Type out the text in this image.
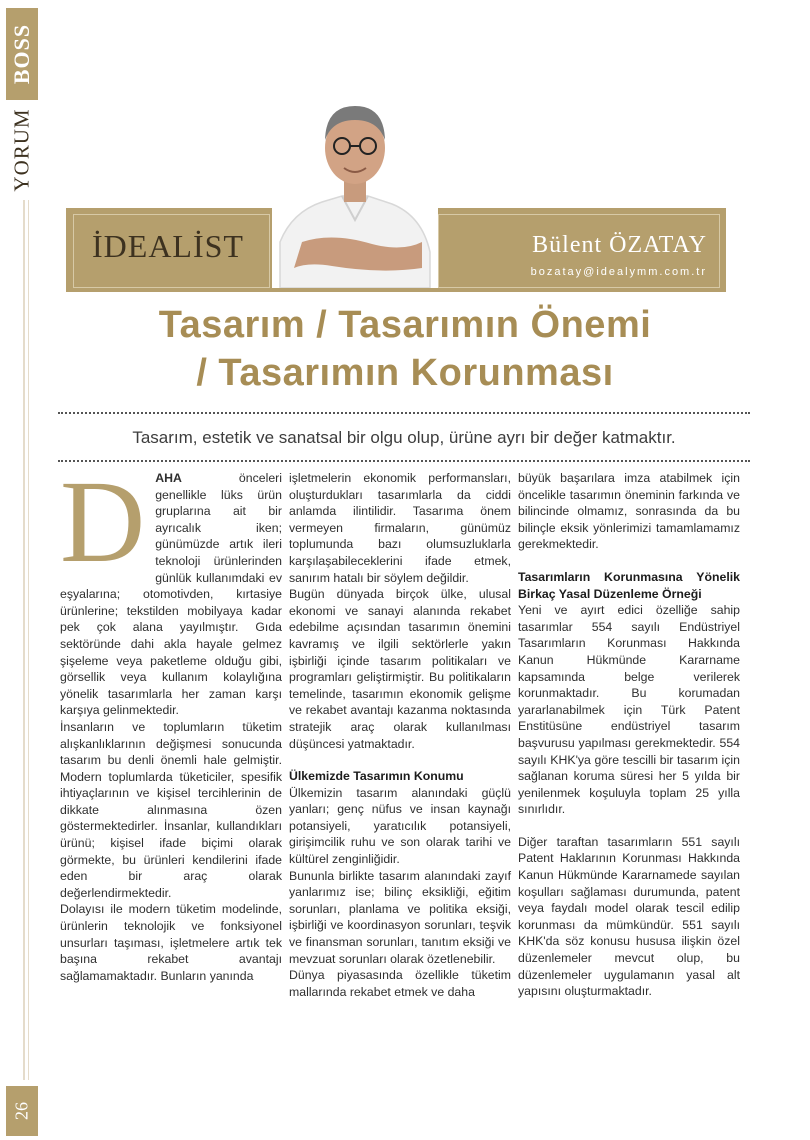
BOSS
YORUM
26
İDEALİST	Bülent ÖZATAY
bozatay@idealymm.com.tr
Tasarım / Tasarımın Önemi
/ Tasarımın Korunması
Tasarım, estetik ve sanatsal bir olgu olup, ürüne ayrı bir değer katmaktır.
D AHA önceleri genellikle lüks ürün gruplarına ait bir ayrıcalık iken; günümüzde artık ileri teknoloji ürünlerinden günlük kullanımdaki ev eşyalarına; otomotivden, kırtasiye ürünlerine; tekstilden mobilyaya kadar pek çok alana yayılmıştır. Gıda sektöründe dahi akla hayale gelmez şişeleme veya paketleme olduğu gibi, görsellik veya kullanım kolaylığına yönelik tasarımlarla her zaman karşı karşıya gelinmektedir.

İnsanların ve toplumların tüketim alışkanlıklarının değişmesi sonucunda tasarım bu denli önemli hale gelmiştir. Modern toplumlarda tüketiciler, spesifik ihtiyaçlarının ve kişisel tercihlerinin de dikkate alınmasına özen göstermektedirler. İnsanlar, kullandıkları ürünü; kişisel ifade biçimi olarak görmekte, bu ürünleri kendilerini ifade eden bir araç olarak değerlendirmektedir.

Dolayısı ile modern tüketim modelinde, ürünlerin teknolojik ve fonksiyonel unsurları taşıması, işletmelere artık tek başına rekabet avantajı sağlamamaktadır. Bunların yanında

işletmelerin ekonomik performansları, oluşturdukları tasarımlarla da ciddi anlamda ilintilidir. Tasarıma önem vermeyen firmaların, günümüz toplumunda bazı olumsuzluklarla karşılaşabileceklerini ifade etmek, sanırım hatalı bir söylem değildir.

Bugün dünyada birçok ülke, ulusal ekonomi ve sanayi alanında rekabet edebilme açısından tasarımın önemini kavramış ve ilgili sektörlerle yakın işbirliği içinde tasarım politikaları ve programları geliştirmiştir. Bu politikaların temelinde, tasarımın ekonomik gelişme ve rekabet avantajı kazanma noktasında stratejik araç olarak kullanılması düşüncesi yatmaktadır.

Ülkemizde Tasarımın Konumu

Ülkemizin tasarım alanındaki güçlü yanları; genç nüfus ve insan kaynağı potansiyeli, yaratıcılık potansiyeli, girişimcilik ruhu ve son olarak tarihi ve kültürel zenginliğidir.

Bununla birlikte tasarım alanındaki zayıf yanlarımız ise; bilinç eksikliği, eğitim sorunları, planlama ve politika eksiği, işbirliği ve koordinasyon sorunları, teşvik ve finansman sorunları, tanıtım eksiği ve mevzuat sorunları olarak özetlenebilir.

Dünya piyasasında özellikle tüketim mallarında rekabet etmek ve daha

büyük başarılara imza atabilmek için öncelikle tasarımın öneminin farkında ve bilincinde olmamız, sonrasında da bu bilinçle eksik yönlerimizi tamamlamamız gerekmektedir.

Tasarımların Korunmasına Yönelik Birkaç Yasal Düzenleme Örneği

Yeni ve ayırt edici özelliğe sahip tasarımlar 554 sayılı Endüstriyel Tasarımların Korunması Hakkında Kanun Hükmünde Kararname kapsamında belge verilerek korunmaktadır. Bu korumadan yararlanabilmek için Türk Patent Enstitüsüne endüstriyel tasarım başvurusu yapılması gerekmektedir. 554 sayılı KHK'ya göre tescilli bir tasarım için sağlanan koruma süresi her 5 yılda bir yenilenmek koşuluyla toplam 25 yılla sınırlıdır.

Diğer taraftan tasarımların 551 sayılı Patent Haklarının Korunması Hakkında Kanun Hükmünde Kararnamede sayılan koşulları sağlaması durumunda, patent veya faydalı model olarak tescil edilip korunması da mümkündür. 551 sayılı KHK'da söz konusu hususa ilişkin özel düzenlemeler mevcut olup, bu düzenlemeler uygulamanın yasal alt yapısını oluşturmaktadır.
